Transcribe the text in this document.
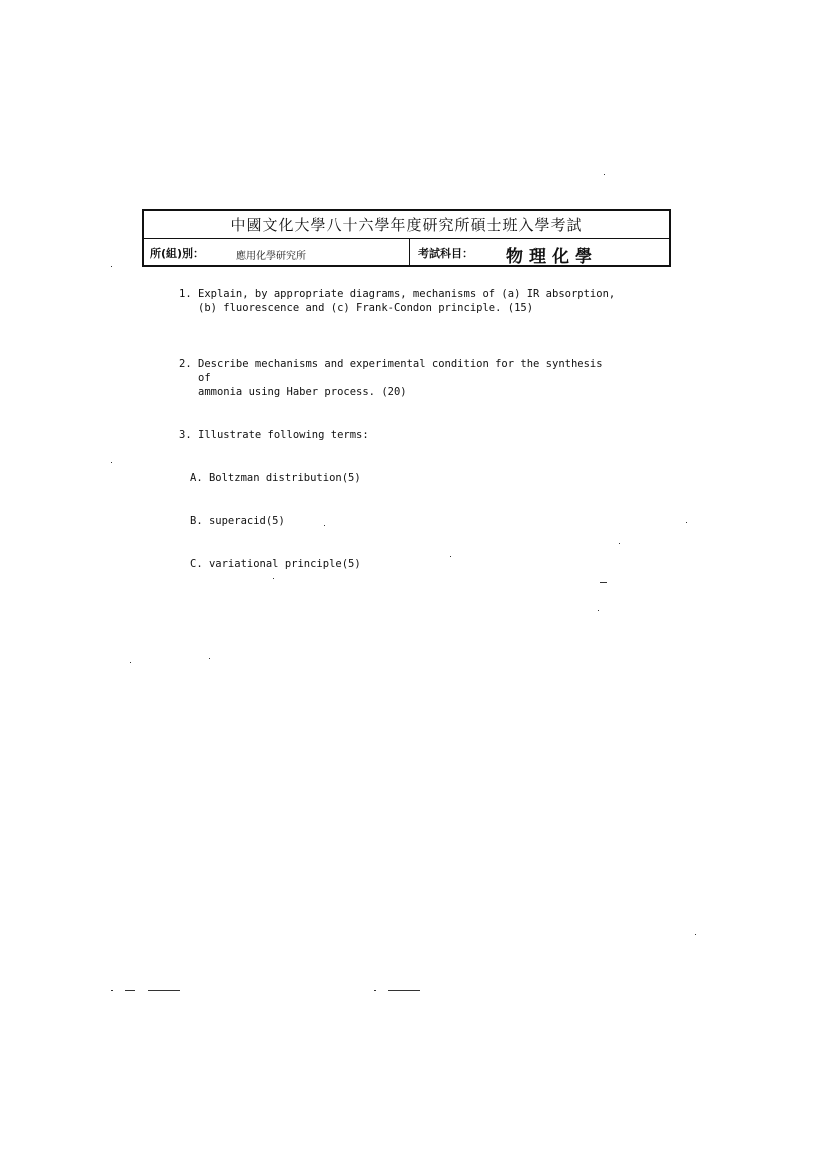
中國文化大學八十六學年度研究所碩士班入學考試
所(組)別：	應用化學研究所	考試科目： 物理化學
1. Explain, by appropriate diagrams, mechanisms of (a) IR absorption,
(b) fluorescence and (c) Frank-Condon principle. (15)
2. Describe mechanisms and experimental condition for the synthesis of
ammonia using Haber process. (20)
3. Illustrate following terms:
A. Boltzman distribution(5)
B. superacid(5)
C. variational principle(5)
